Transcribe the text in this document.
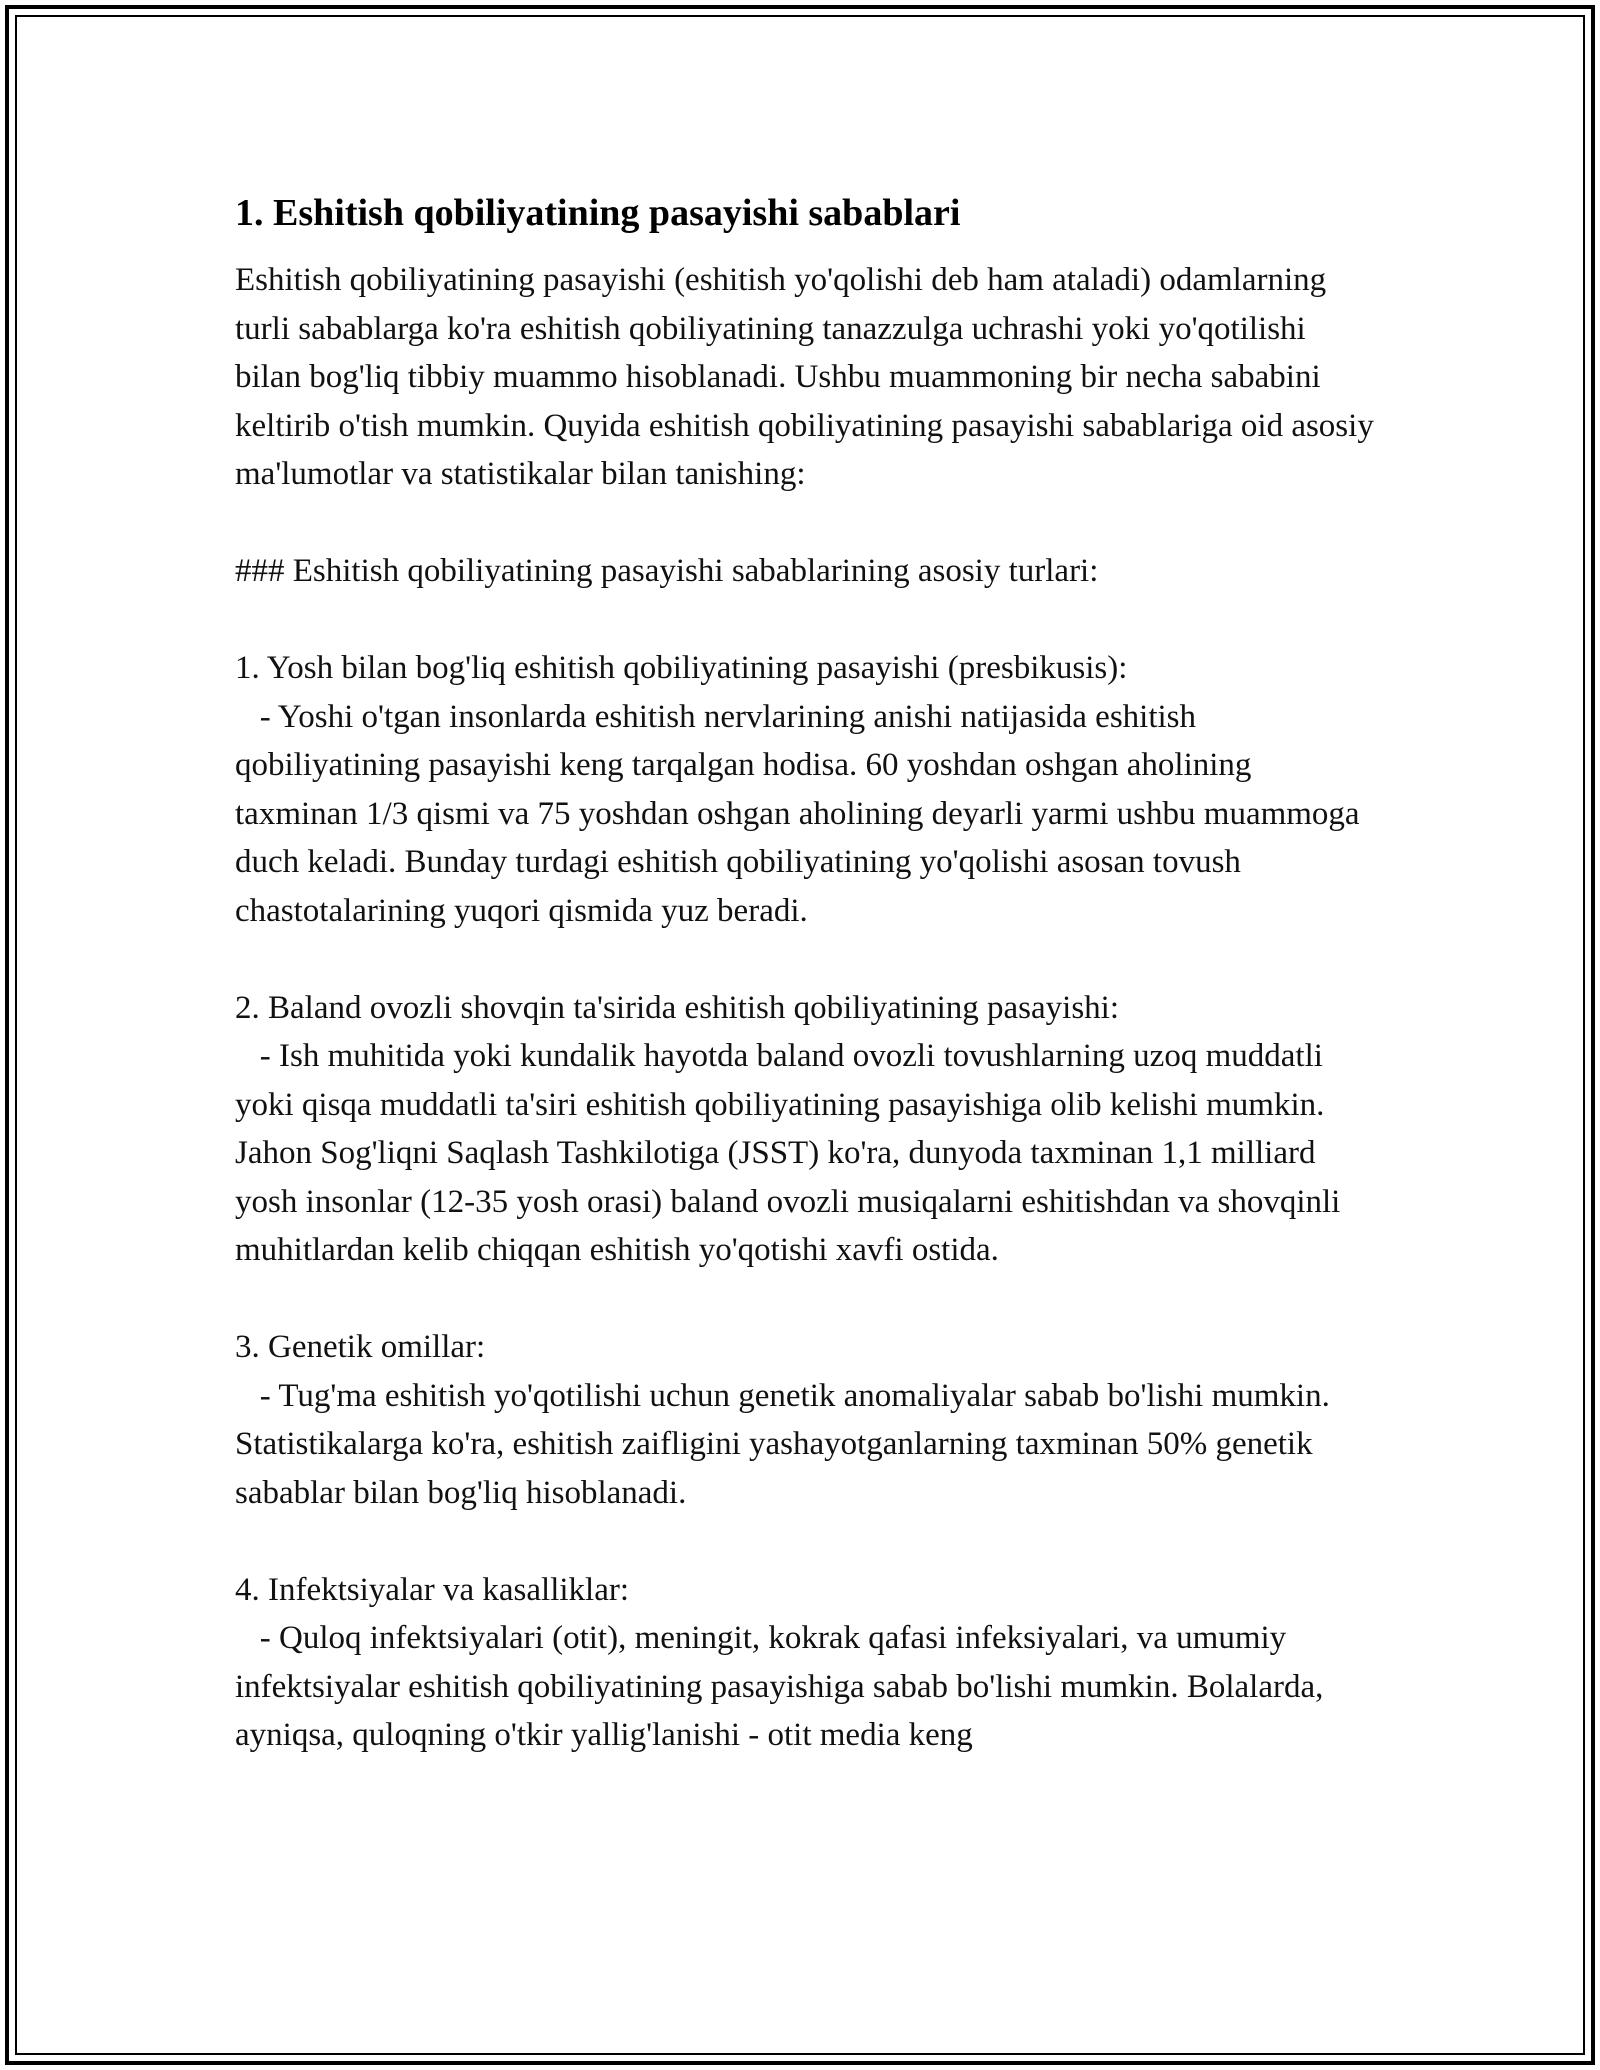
1. Eshitish qobiliyatining pasayishi sabablari

Eshitish qobiliyatining pasayishi (eshitish yo'qolishi deb ham ataladi) odamlarning turli sabablarga ko'ra eshitish qobiliyatining tanazzulga uchrashi yoki yo'qotilishi bilan bog'liq tibbiy muammo hisoblanadi. Ushbu muammoning bir necha sababini keltirib o'tish mumkin. Quyida eshitish qobiliyatining pasayishi sabablariga oid asosiy ma'lumotlar va statistikalar bilan tanishing:

### Eshitish qobiliyatining pasayishi sabablarining asosiy turlari:

1. Yosh bilan bog'liq eshitish qobiliyatining pasayishi (presbikusis):

- Yoshi o'tgan insonlarda eshitish nervlarining anishi natijasida eshitish qobiliyatining pasayishi keng tarqalgan hodisa. 60 yoshdan oshgan aholining taxminan 1/3 qismi va 75 yoshdan oshgan aholining deyarli yarmi ushbu muammoga duch keladi. Bunday turdagi eshitish qobiliyatining yo'qolishi asosan tovush chastotalarining yuqori qismida yuz beradi.

2. Baland ovozli shovqin ta'sirida eshitish qobiliyatining pasayishi:

- Ish muhitida yoki kundalik hayotda baland ovozli tovushlarning uzoq muddatli yoki qisqa muddatli ta'siri eshitish qobiliyatining pasayishiga olib kelishi mumkin. Jahon Sog'liqni Saqlash Tashkilotiga (JSST) ko'ra, dunyoda taxminan 1,1 milliard yosh insonlar (12-35 yosh orasi) baland ovozli musiqalarni eshitishdan va shovqinli muhitlardan kelib chiqqan eshitish yo'qotishi xavfi ostida.

3. Genetik omillar:

- Tug'ma eshitish yo'qotilishi uchun genetik anomaliyalar sabab bo'lishi mumkin. Statistikalarga ko'ra, eshitish zaifligini yashayotganlarning taxminan 50% genetik sabablar bilan bog'liq hisoblanadi.

4. Infektsiyalar va kasalliklar:

- Quloq infektsiyalari (otit), meningit, kokrak qafasi infeksiyalari, va umumiy infektsiyalar eshitish qobiliyatining pasayishiga sabab bo'lishi mumkin. Bolalarda, ayniqsa, quloqning o'tkir yallig'lanishi - otit media keng
